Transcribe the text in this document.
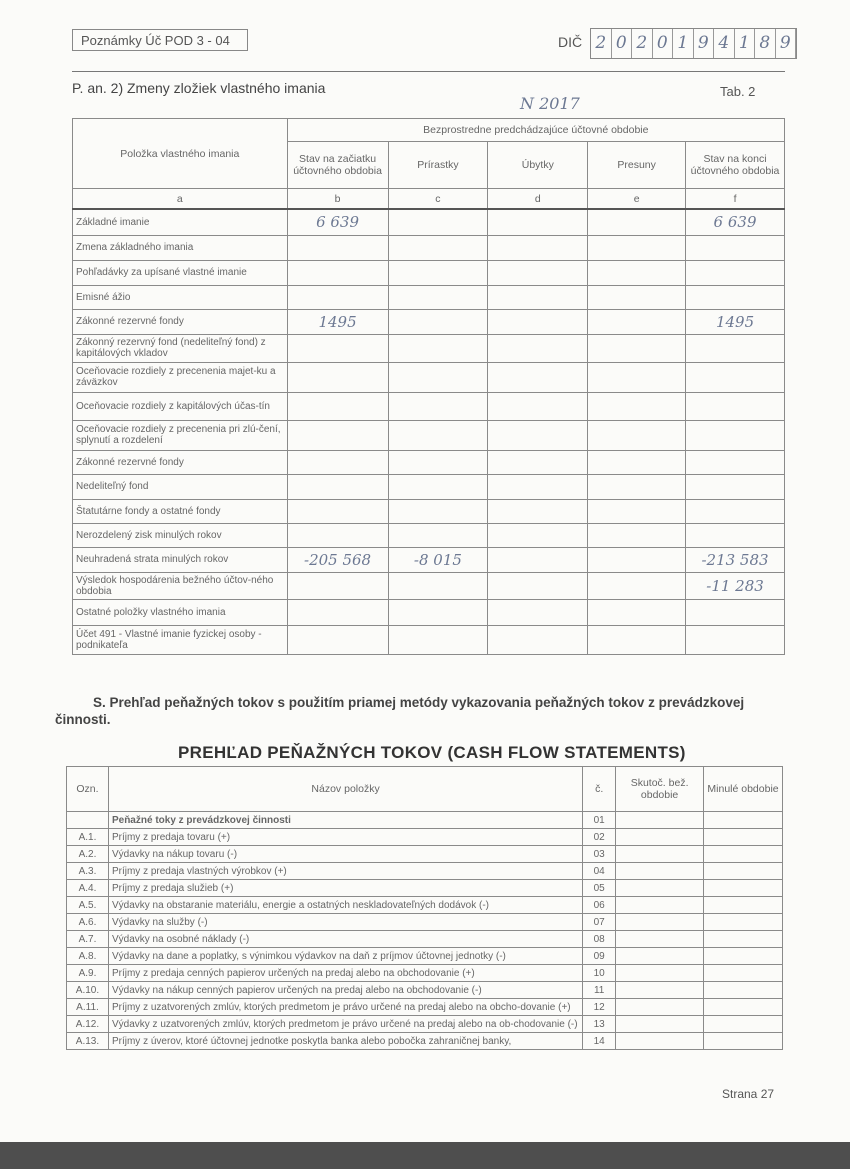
Poznámky Úč POD 3 - 04	DIČ 2 0 2 0 1 9 4 1 8 9
P. an. 2) Zmeny zložiek vlastného imania	Tab. 2
N 2017
Položka vlastného imania	Bezprostredne predchádzajúce účtovné obdobie				
	Stav na začiatku účtovného obdobia	Prírastky	Úbytky	Presuny	Stav na konci účtovného obdobia
a	b	c	d	e	f
Základné imanie	6 639				6 639
Zmena základného imania					
Pohľadávky za upísané vlastné imanie					
Emisné ážio					
Zákonné rezervné fondy	1495				1495
Zákonný rezervný fond (nedeliteľný fond) z kapitálových vkladov					
Oceňovacie rozdiely z precenenia majet-ku a záväzkov					
Oceňovacie rozdiely z kapitálových účas-tín					
Oceňovacie rozdiely z precenenia pri zlú-čení, splynutí a rozdelení					
Zákonné rezervné fondy					
Nedeliteľný fond					
Štatutárne fondy a ostatné fondy					
Nerozdelený zisk minulých rokov					
Neuhradená strata minulých rokov	-205 568	-8 015			-213 583
Výsledok hospodárenia bežného účtov-ného obdobia					-11 283
Ostatné položky vlastného imania					
Účet 491 - Vlastné imanie fyzickej osoby - podnikateľa					
S. Prehľad peňažných tokov s použitím priamej metódy vykazovania peňažných tokov z prevádzkovej činnosti.
PREHĽAD PEŇAŽNÝCH TOKOV (CASH FLOW STATEMENTS)
Ozn.	Názov položky	č.	Skutoč. bež. obdobie	Minulé obdobie
	Peňažné toky z prevádzkovej činnosti	01		
A.1.	Príjmy z predaja tovaru (+)	02		
A.2.	Výdavky na nákup tovaru (-)	03		
A.3.	Príjmy z predaja vlastných výrobkov (+)	04		
A.4.	Príjmy z predaja služieb (+)	05		
A.5.	Výdavky na obstaranie materiálu, energie a ostatných neskladovateľných dodávok (-)	06		
A.6.	Výdavky na služby (-)	07		
A.7.	Výdavky na osobné náklady (-)	08		
A.8.	Výdavky na dane a poplatky, s výnimkou výdavkov na daň z príjmov účtovnej jednotky (-)	09		
A.9.	Príjmy z predaja cenných papierov určených na predaj alebo na obchodovanie (+)	10		
A.10.	Výdavky na nákup cenných papierov určených na predaj alebo na obchodovanie (-)	11		
A.11.	Príjmy z uzatvorených zmlúv, ktorých predmetom je právo určené na predaj alebo na obcho-dovanie (+)	12		
A.12.	Výdavky z uzatvorených zmlúv, ktorých predmetom je právo určené na predaj alebo na ob-chodovanie (-)	13		
A.13.	Príjmy z úverov, ktoré účtovnej jednotke poskytla banka alebo pobočka zahraničnej banky,	14		
Strana 27
